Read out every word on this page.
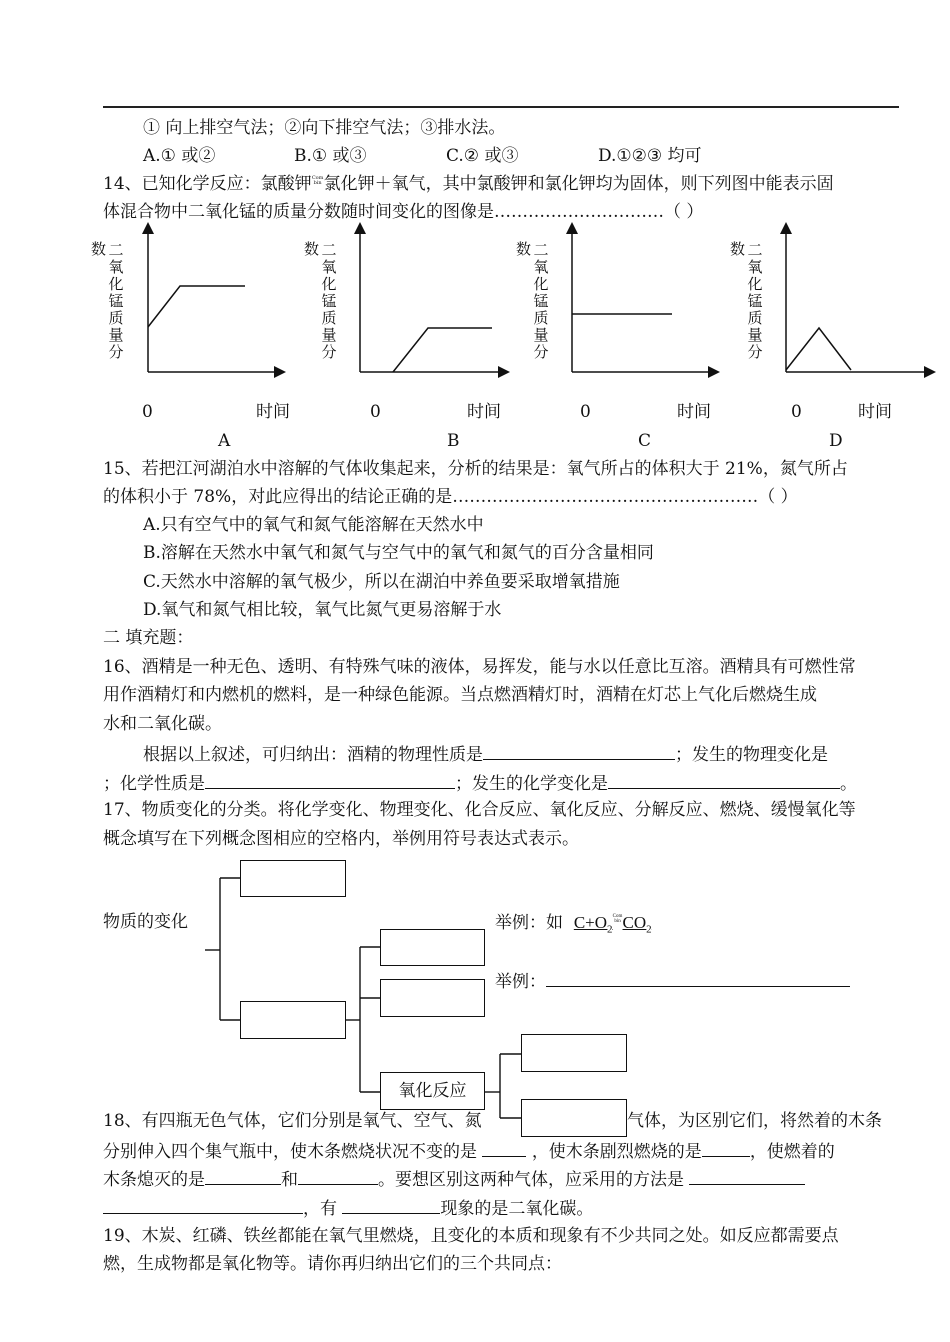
① 向上排空气法；②向下排空气法；③排水法。
A.① 或②	B.① 或③	C.② 或③	D.①②③ 均可
14、已知化学反应：氯酸钾 Com
bin 氯化钾＋氧气，其中氯酸钾和氯化钾均为固体，则下列图中能表示固
体混合物中二氧化锰的质量分数随时间变化的图像是…………………………（ ）
数 二氧化锰质量分
数 二氧化锰质量分
数 二氧化锰质量分
数 二氧化锰质量分
0	时间
A
0	时间
B
0	时间
C
0	时间
D
15、若把江河湖泊水中溶解的气体收集起来，分析的结果是：氧气所占的体积大于 21%，氮气所占
的体积小于 78%，对此应得出的结论正确的是………………………………………………（ ）
A.只有空气中的氧气和氮气能溶解在天然水中
B.溶解在天然水中氧气和氮气与空气中的氧气和氮气的百分含量相同
C.天然水中溶解的氧气极少，所以在湖泊中养鱼要采取增氧措施
D.氧气和氮气相比较，氧气比氮气更易溶解于水
二 填充题：
16、酒精是一种无色、透明、有特殊气味的液体，易挥发，能与水以任意比互溶。酒精具有可燃性常
用作酒精灯和内燃机的燃料，是一种绿色能源。当点燃酒精灯时，酒精在灯芯上气化后燃烧生成
水和二氧化碳。
根据以上叙述，可归纳出：酒精的物理性质是	；发生的物理变化是
；化学性质是	；发生的化学变化是	。
17、物质变化的分类。将化学变化、物理变化、化合反应、氧化反应、分解反应、燃烧、缓慢氧化等
概念填写在下列概念图相应的空格内，举例用符号表达式表示。
物质的变化
氧化反应
举例：如 $C+O_2$
Com
bin $CO_2$
举例：
18、有四瓶无色气体，它们分别是氧气、空气、氮	气体，为区别它们，将然着的木条
分别伸入四个集气瓶中，使木条燃烧状况不变的是	，使木条剧烈燃烧的是	，使燃着的
木条熄灭的是	和	。要想区别这两种气体，应采用的方法是
，有	现象的是二氧化碳。
19、木炭、红磷、铁丝都能在氧气里燃烧，且变化的本质和现象有不少共同之处。如反应都需要点
燃，生成物都是氧化物等。请你再归纳出它们的三个共同点：
